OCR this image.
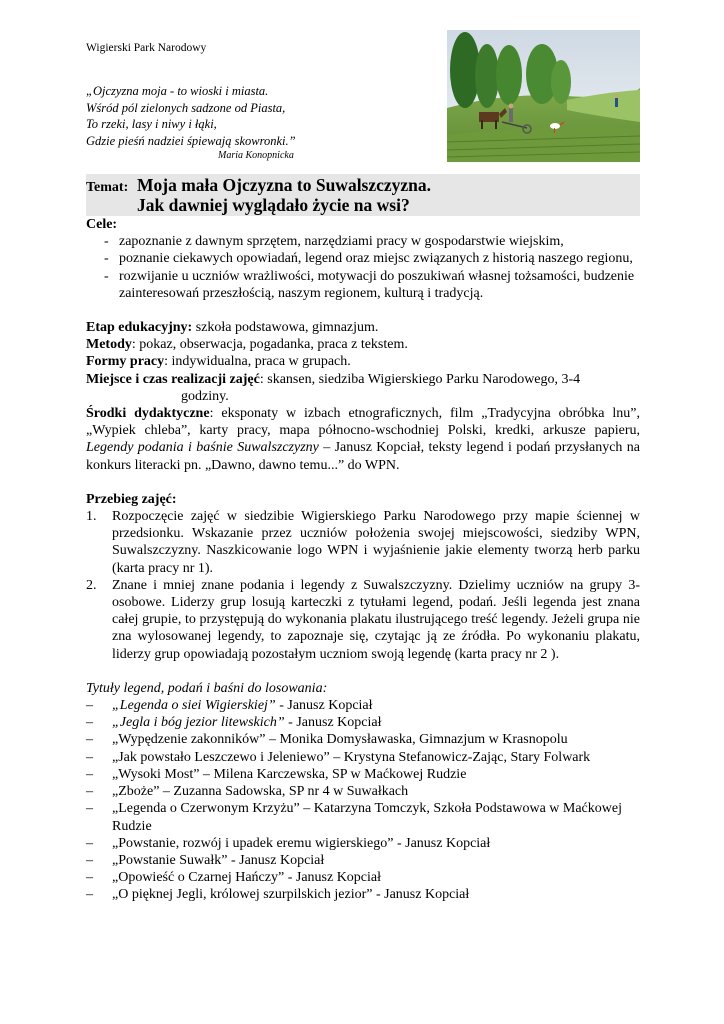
Wigierski Park Narodowy
„Ojczyzna moja - to wioski i miasta.
Wśród pól zielonych sadzone od Piasta,
To rzeki, lasy i niwy i łąki,
Gdzie pieśń nadziei śpiewają skowronki.”
Maria Konopnicka
Temat: Moja mała Ojczyzna to Suwalszczyzna.
Jak dawniej wyglądało życie na wsi?

Cele:

- zapoznanie z dawnym sprzętem, narzędziami pracy w gospodarstwie wiejskim,
- poznanie ciekawych opowiadań, legend oraz miejsc związanych z historią naszego regionu,
- rozwijanie u uczniów wrażliwości, motywacji do poszukiwań własnej tożsamości, budzenie zainteresowań przeszłością, naszym regionem, kulturą i tradycją.

Etap edukacyjny: szkoła podstawowa, gimnazjum.

Metody: pokaz, obserwacja, pogadanka, praca z tekstem.

Formy pracy: indywidualna, praca w grupach.

Miejsce i czas realizacji zajęć: skansen, siedziba Wigierskiego Parku Narodowego, 3-4

godziny.

Środki dydaktyczne: eksponaty w izbach etnograficznych, film „Tradycyjna obróbka lnu”, „Wypiek chleba”, karty pracy, mapa północno-wschodniej Polski, kredki, arkusze papieru, Legendy podania i baśnie Suwalszczyzny – Janusz Kopciał, teksty legend i podań przysłanych na konkurs literacki pn. „Dawno, dawno temu...” do WPN.

Przebieg zajęć:

1. Rozpoczęcie zajęć w siedzibie Wigierskiego Parku Narodowego przy mapie ściennej w przedsionku. Wskazanie przez uczniów położenia swojej miejscowości, siedziby WPN, Suwalszczyzny. Naszkicowanie logo WPN i wyjaśnienie jakie elementy tworzą herb parku (karta pracy nr 1).
2. Znane i mniej znane podania i legendy z Suwalszczyzny. Dzielimy uczniów na grupy 3-osobowe. Liderzy grup losują karteczki z tytułami legend, podań. Jeśli legenda jest znana całej grupie, to przystępują do wykonania plakatu ilustrującego treść legendy. Jeżeli grupa nie zna wylosowanej legendy, to zapoznaje się, czytając ją ze źródła. Po wykonaniu plakatu, liderzy grup opowiadają pozostałym uczniom swoją legendę (karta pracy nr 2 ).

Tytuły legend, podań i baśni do losowania:

– „Legenda o siei Wigierskiej” - Janusz Kopciał
– „Jegla i bóg jezior litewskich” - Janusz Kopciał
– „Wypędzenie zakonników” – Monika Domysławaska, Gimnazjum w Krasnopolu
– „Jak powstało Leszczewo i Jeleniewo” – Krystyna Stefanowicz-Zając, Stary Folwark
– „Wysoki Most” – Milena Karczewska, SP w Maćkowej Rudzie
– „Zboże” – Zuzanna Sadowska, SP nr 4 w Suwałkach
– „Legenda o Czerwonym Krzyżu” – Katarzyna Tomczyk, Szkoła Podstawowa w Maćkowej Rudzie
– „Powstanie, rozwój i upadek eremu wigierskiego” - Janusz Kopciał
– „Powstanie Suwałk” - Janusz Kopciał
– „Opowieść o Czarnej Hańczy” - Janusz Kopciał
– „O pięknej Jegli, królowej szurpilskich jezior” - Janusz Kopciał
